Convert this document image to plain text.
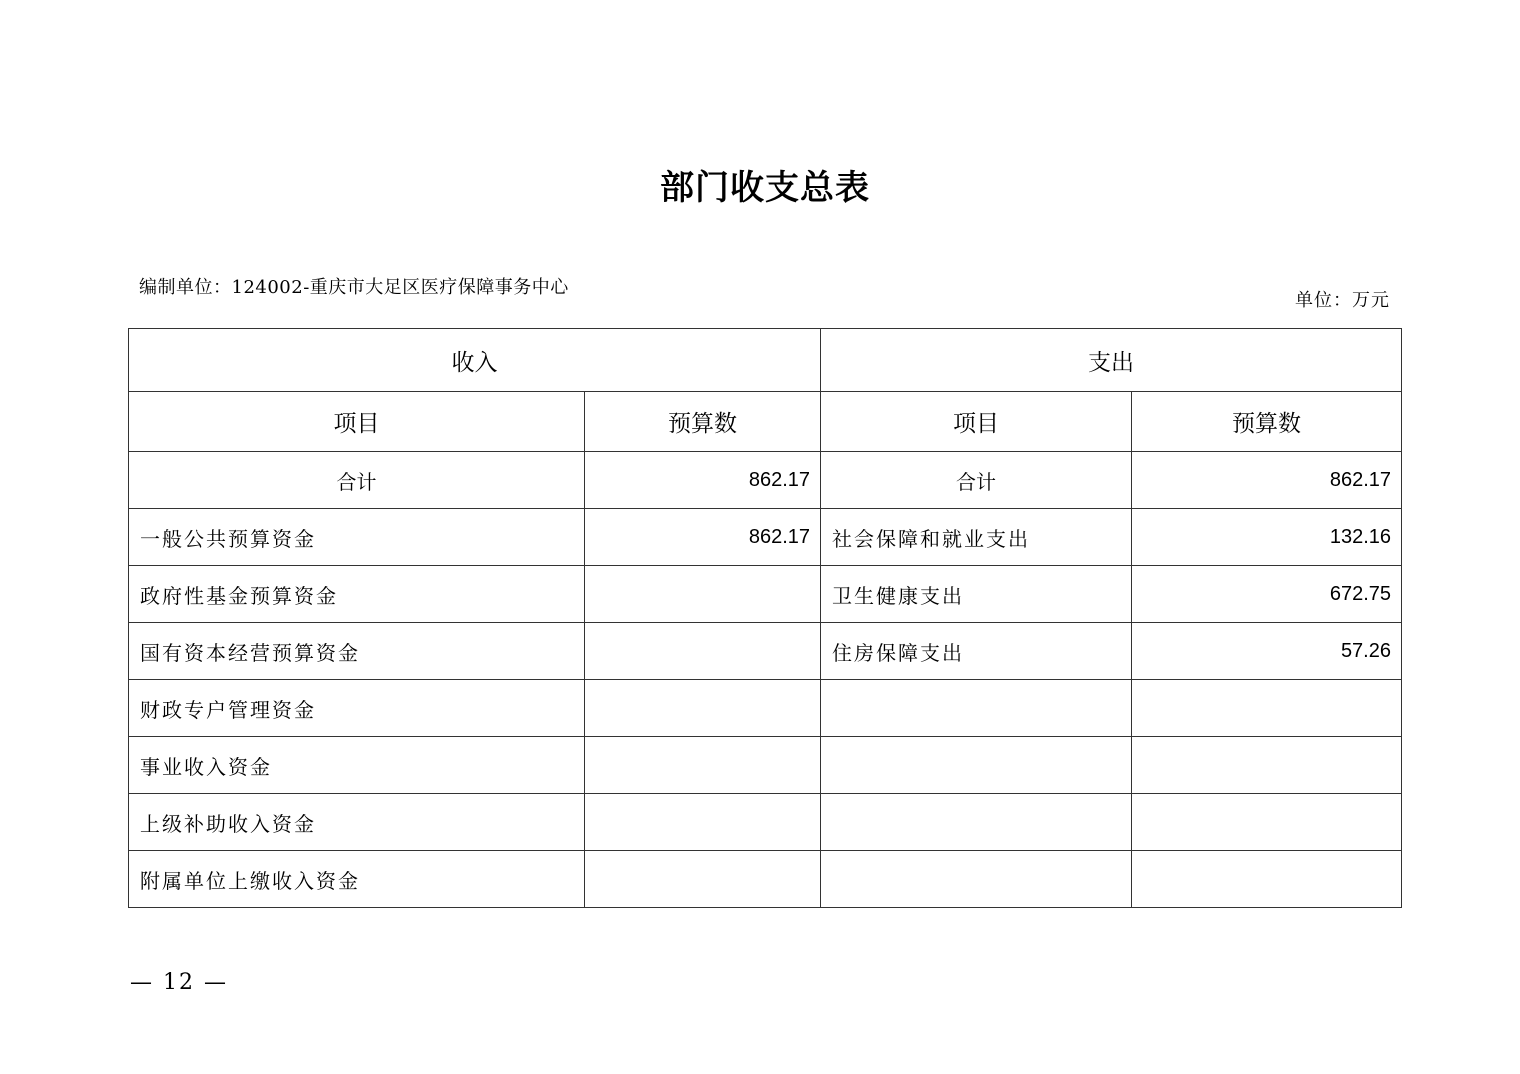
部门收支总表
编制单位：124002-重庆市大足区医疗保障事务中心
单位：万元
收入		支出	
项目	预算数	项目	预算数
合计	862.17	合计	862.17
一般公共预算资金	862.17	社会保障和就业支出	132.16
政府性基金预算资金		卫生健康支出	672.75
国有资本经营预算资金		住房保障支出	57.26
财政专户管理资金			
事业收入资金			
上级补助收入资金			
附属单位上缴收入资金			
— 12 —
